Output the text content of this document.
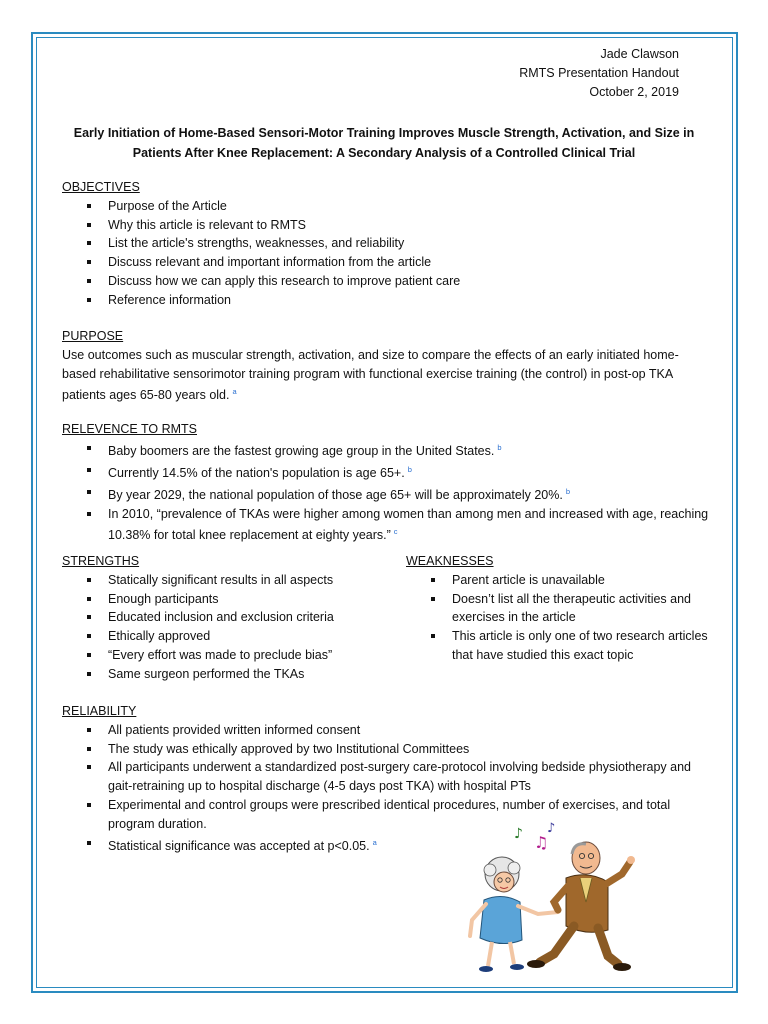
Jade Clawson
RMTS Presentation Handout
October 2, 2019
Early Initiation of Home-Based Sensori-Motor Training Improves Muscle Strength, Activation, and Size in Patients After Knee Replacement: A Secondary Analysis of a Controlled Clinical Trial
OBJECTIVES
Purpose of the Article
Why this article is relevant to RMTS
List the article's strengths, weaknesses, and reliability
Discuss relevant and important information from the article
Discuss how we can apply this research to improve patient care
Reference information
PURPOSE
Use outcomes such as muscular strength, activation, and size to compare the effects of an early initiated home-based rehabilitative sensorimotor training program with functional exercise training (the control) in post-op TKA patients ages 65-80 years old. $^a$
RELEVENCE TO RMTS
Baby boomers are the fastest growing age group in the United States. $^b$
Currently 14.5% of the nation's population is age 65+. $^b$
By year 2029, the national population of those age 65+ will be approximately 20%. $^b$
In 2010, “prevalence of TKAs were higher among women than among men and increased with age, reaching 10.38% for total knee replacement at eighty years.” $^c$
STRENGTHS
Statically significant results in all aspects
Enough participants
Educated inclusion and exclusion criteria
Ethically approved
“Every effort was made to preclude bias”
Same surgeon performed the TKAs
WEAKNESSES
Parent article is unavailable
Doesn’t list all the therapeutic activities and exercises in the article
This article is only one of two research articles that have studied this exact topic
RELIABILITY
All patients provided written informed consent
The study was ethically approved by two Institutional Committees
All participants underwent a standardized post-surgery care-protocol involving bedside physiotherapy and gait-retraining up to hospital discharge (4-5 days post TKA) with hospital PTs
Experimental and control groups were prescribed identical procedures, number of exercises, and total program duration.
Statistical significance was accepted at p<0.05. $^a$
♪ ♫
♪
